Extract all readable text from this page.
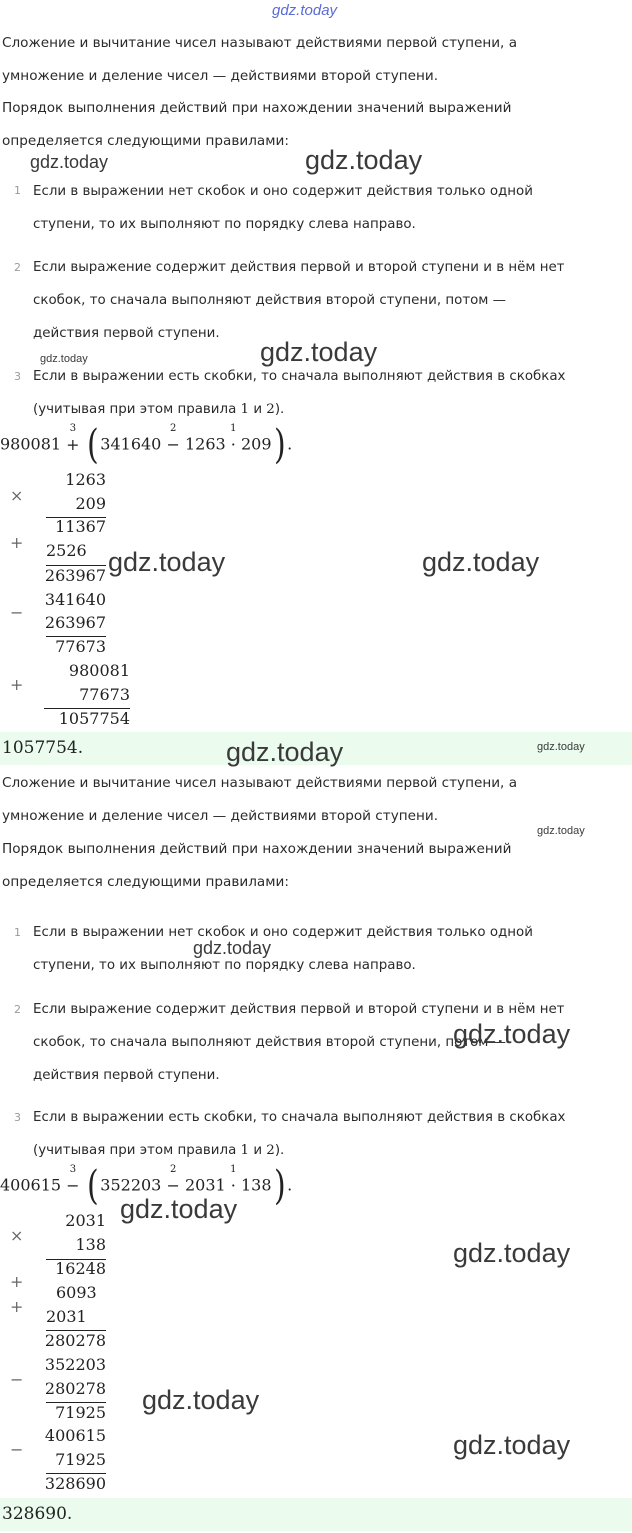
gdz.today
Сложение и вычитание чисел называют действиями первой ступени, а
умножение и деление чисел — действиями второй ступени.
Порядок выполнения действий при нахождении значений выражений
определяется следующими правилами:
gdz.today	gdz.today
1 Если в выражении нет скобок и оно содержит действия только одной
ступени, то их выполняют по порядку слева направо.
2 Если выражение содержит действия первой и второй ступени и в нём нет
скобок, то сначала выполняют действия второй ступени, потом —
действия первой ступени.
gdz.today	gdz.today
3 Если в выражении есть скобки, то сначала выполняют действия в скобках
(учитывая при этом правила 1 и 2).
980081
3
+ ( 341640
2
− 1263
1
· 209) .
×
1263
209
11367
+ 2526
263967 gdz.today	gdz.today
−
341640
263967
77673
+
980081
77673
1057754
1057754.	gdz.today	gdz.today
Сложение и вычитание чисел называют действиями первой ступени, а
умножение и деление чисел — действиями второй ступени.
gdz.today
Порядок выполнения действий при нахождении значений выражений
определяется следующими правилами:
1 Если в выражении нет скобок и оно содержит действия только одной
ступени, то их выполняют по порядку слева направо.
gdz.today
2 Если выражение содержит действия первой и второй ступени и в нём нет
скобок, то сначала выполняют действия второй ступени, потом —
действия первой ступени.
gdz.today
3 Если в выражении есть скобки, то сначала выполняют действия в скобках
(учитывая при этом правила 1 и 2).
400615
3
− ( 352203
2
− 2031
1
· 138) .
gdz.today
gdz.today
×
2031
138
16248
+
6093
+
2031
280278
−
352203
280278
71925 gdz.today
gdz.today
−
400615
71925
328690
328690.
